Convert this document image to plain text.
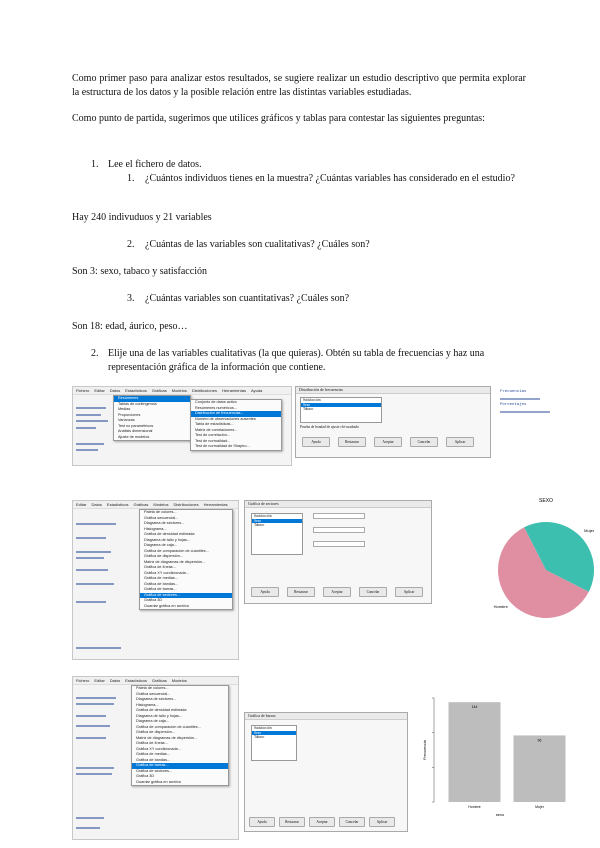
Como primer paso para analizar estos resultados, se sugiere realizar un estudio descriptivo que permita explorar la estructura de los datos y la posible relación entre las distintas variables estudiadas.
Como punto de partida, sugerimos que utilices gráficos y tablas para contestar las siguientes preguntas:
1. Lee el fichero de datos.
1. ¿Cuántos individuos tienes en la muestra? ¿Cuántas variables has considerado en el estudio?
Hay 240 indivuduos y 21 variables
2. ¿Cuántas de las variables son cualitativas? ¿Cuáles son?
Son 3: sexo, tabaco y satisfacción
3. ¿Cuántas variables son cuantitativas? ¿Cuáles son?
Son 18: edad, áurico, peso…
2. Elije una de las variables cualitativas (la que quieras). Obtén su tabla de frecuencias y haz una representación gráfica de la información que contiene.
Fichero Editar Datos Estadísticos Gráficas Modelos Distribuciones Herramientas Ayuda
Resúmenes
Tablas de contingencia
Medias
Proporciones
Varianzas
Test no paramétricos
Análisis dimensional
Ajuste de modelos
Conjunto de datos activo
Resúmenes numéricos...
Distribución de frecuencias...
Número de observaciones ausentes
Tabla de estadísticas...
Matriz de correlaciones...
Test de correlación...
Test de normalidad...
Test de normalidad de Shapiro...
Distribución de frecuencias
Satisfacción
Sexo
Tabaco
Prueba de bondad de ajuste chi-cuadrado
Ayuda	Restaurar	Aceptar	Cancelar	Aplicar
Frecuencias
Porcentajes
Editar Datos Estadísticos Gráficas Modelos Distribuciones Herramientas
Paleta de colores...
Gráfica secuencial...
Diagrama de sectores...
Histograma...
Gráfica de densidad estimada
Diagrama de tallo y hojas...
Diagrama de caja...
Gráfica de comparación de cuantiles...
Gráfica de dispersión...
Matriz de diagramas de dispersión...
Gráfica de líneas...
Gráfica XY condicionada...
Gráfica de medias...
Gráfica de bandas...
Gráfica de barras...
Gráfica de sectores...
Gráfica 3D
Guardar gráfica en archivo
Gráfica de sectores
Satisfacción
Sexo
Tabaco
Ayuda	Restaurar	Aceptar	Cancelar	Aplicar
SEXO
Hombre
Mujer
Fichero Editar Datos Estadísticos Gráficas Modelos
Paleta de colores...
Gráfica secuencial...
Diagrama de sectores...
Histograma...
Gráfica de densidad estimada
Diagrama de tallo y hojas...
Diagrama de caja...
Gráfica de comparación de cuantiles...
Gráfica de dispersión...
Matriz de diagramas de dispersión...
Gráfica de líneas...
Gráfica XY condicionada...
Gráfica de medias...
Gráfica de bandas...
Gráfica de barras...
Gráfica de sectores...
Gráfica 3D
Guardar gráfica en archivo
Gráfica de barras
Satisfacción
Sexo
Tabaco
Ayuda	Restaurar	Aceptar	Cancelar	Aplicar
144
Hombre
96
Mujer
Frecuencia
sexo
